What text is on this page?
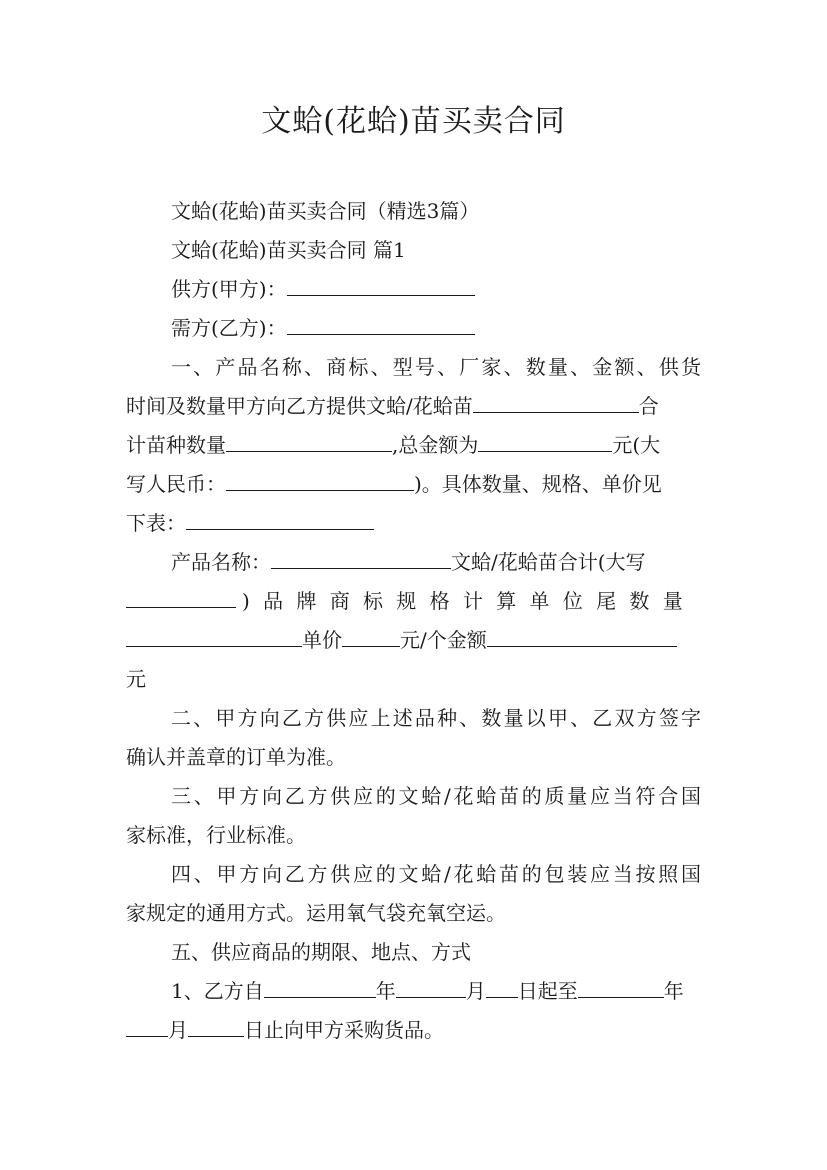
文蛤(花蛤)苗买卖合同
文蛤(花蛤)苗买卖合同（精选3篇）
文蛤(花蛤)苗买卖合同 篇1
供方(甲方)：
需方(乙方)：
一、产品名称、商标、型号、厂家、数量、金额、供货
时间及数量甲方向乙方提供文蛤/花蛤苗	合
计苗种数量	,总金额为	元(大
写人民币：	)。具体数量、规格、单价见
下表：
产品名称：	文蛤/花蛤苗合计(大写
)品牌商标规格计算单位尾数量
单价	元/个金额
元
二、甲方向乙方供应上述品种、数量以甲、乙双方签字
确认并盖章的订单为准。
三、甲方向乙方供应的文蛤/花蛤苗的质量应当符合国
家标准，行业标准。
四、甲方向乙方供应的文蛤/花蛤苗的包装应当按照国
家规定的通用方式。运用氧气袋充氧空运。
五、供应商品的期限、地点、方式
1、乙方自	年	月 日起至	年
月	日止向甲方采购货品。
